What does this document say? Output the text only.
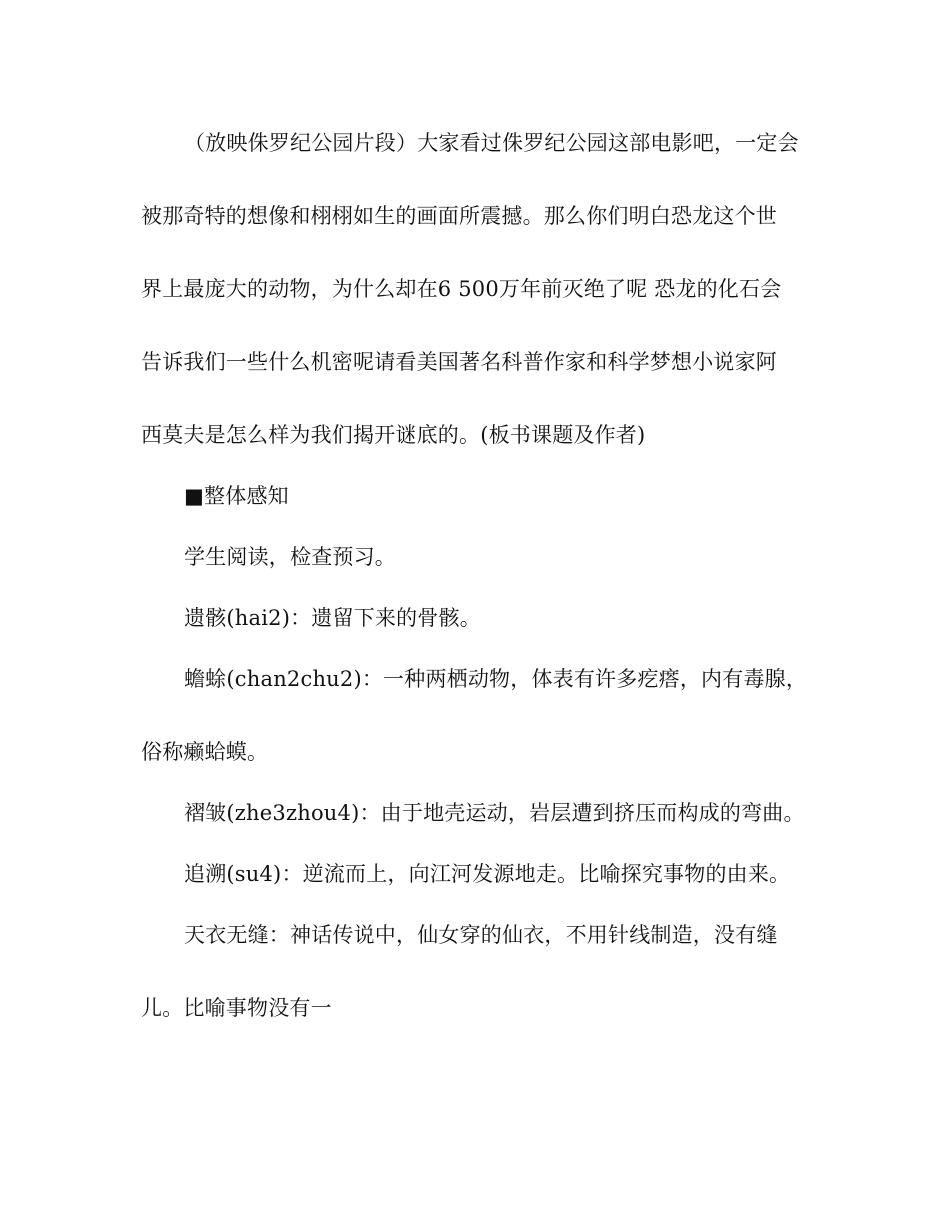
（放映侏罗纪公园片段）大家看过侏罗纪公园这部电影吧，一定会
被那奇特的想像和栩栩如生的画面所震撼。那么你们明白恐龙这个世
界上最庞大的动物，为什么却在6 500万年前灭绝了呢 恐龙的化石会
告诉我们一些什么机密呢请看美国著名科普作家和科学梦想小说家阿
西莫夫是怎么样为我们揭开谜底的。(板书课题及作者)
■整体感知
学生阅读，检查预习。
遗骸(hai2)：遗留下来的骨骸。
蟾蜍(chan2chu2)：一种两栖动物，体表有许多疙瘩，内有毒腺，
俗称癞蛤蟆。
褶皱(zhe3zhou4)：由于地壳运动，岩层遭到挤压而构成的弯曲。
追溯(su4)：逆流而上，向江河发源地走。比喻探究事物的由来。
天衣无缝：神话传说中，仙女穿的仙衣，不用针线制造，没有缝
儿。比喻事物没有一
